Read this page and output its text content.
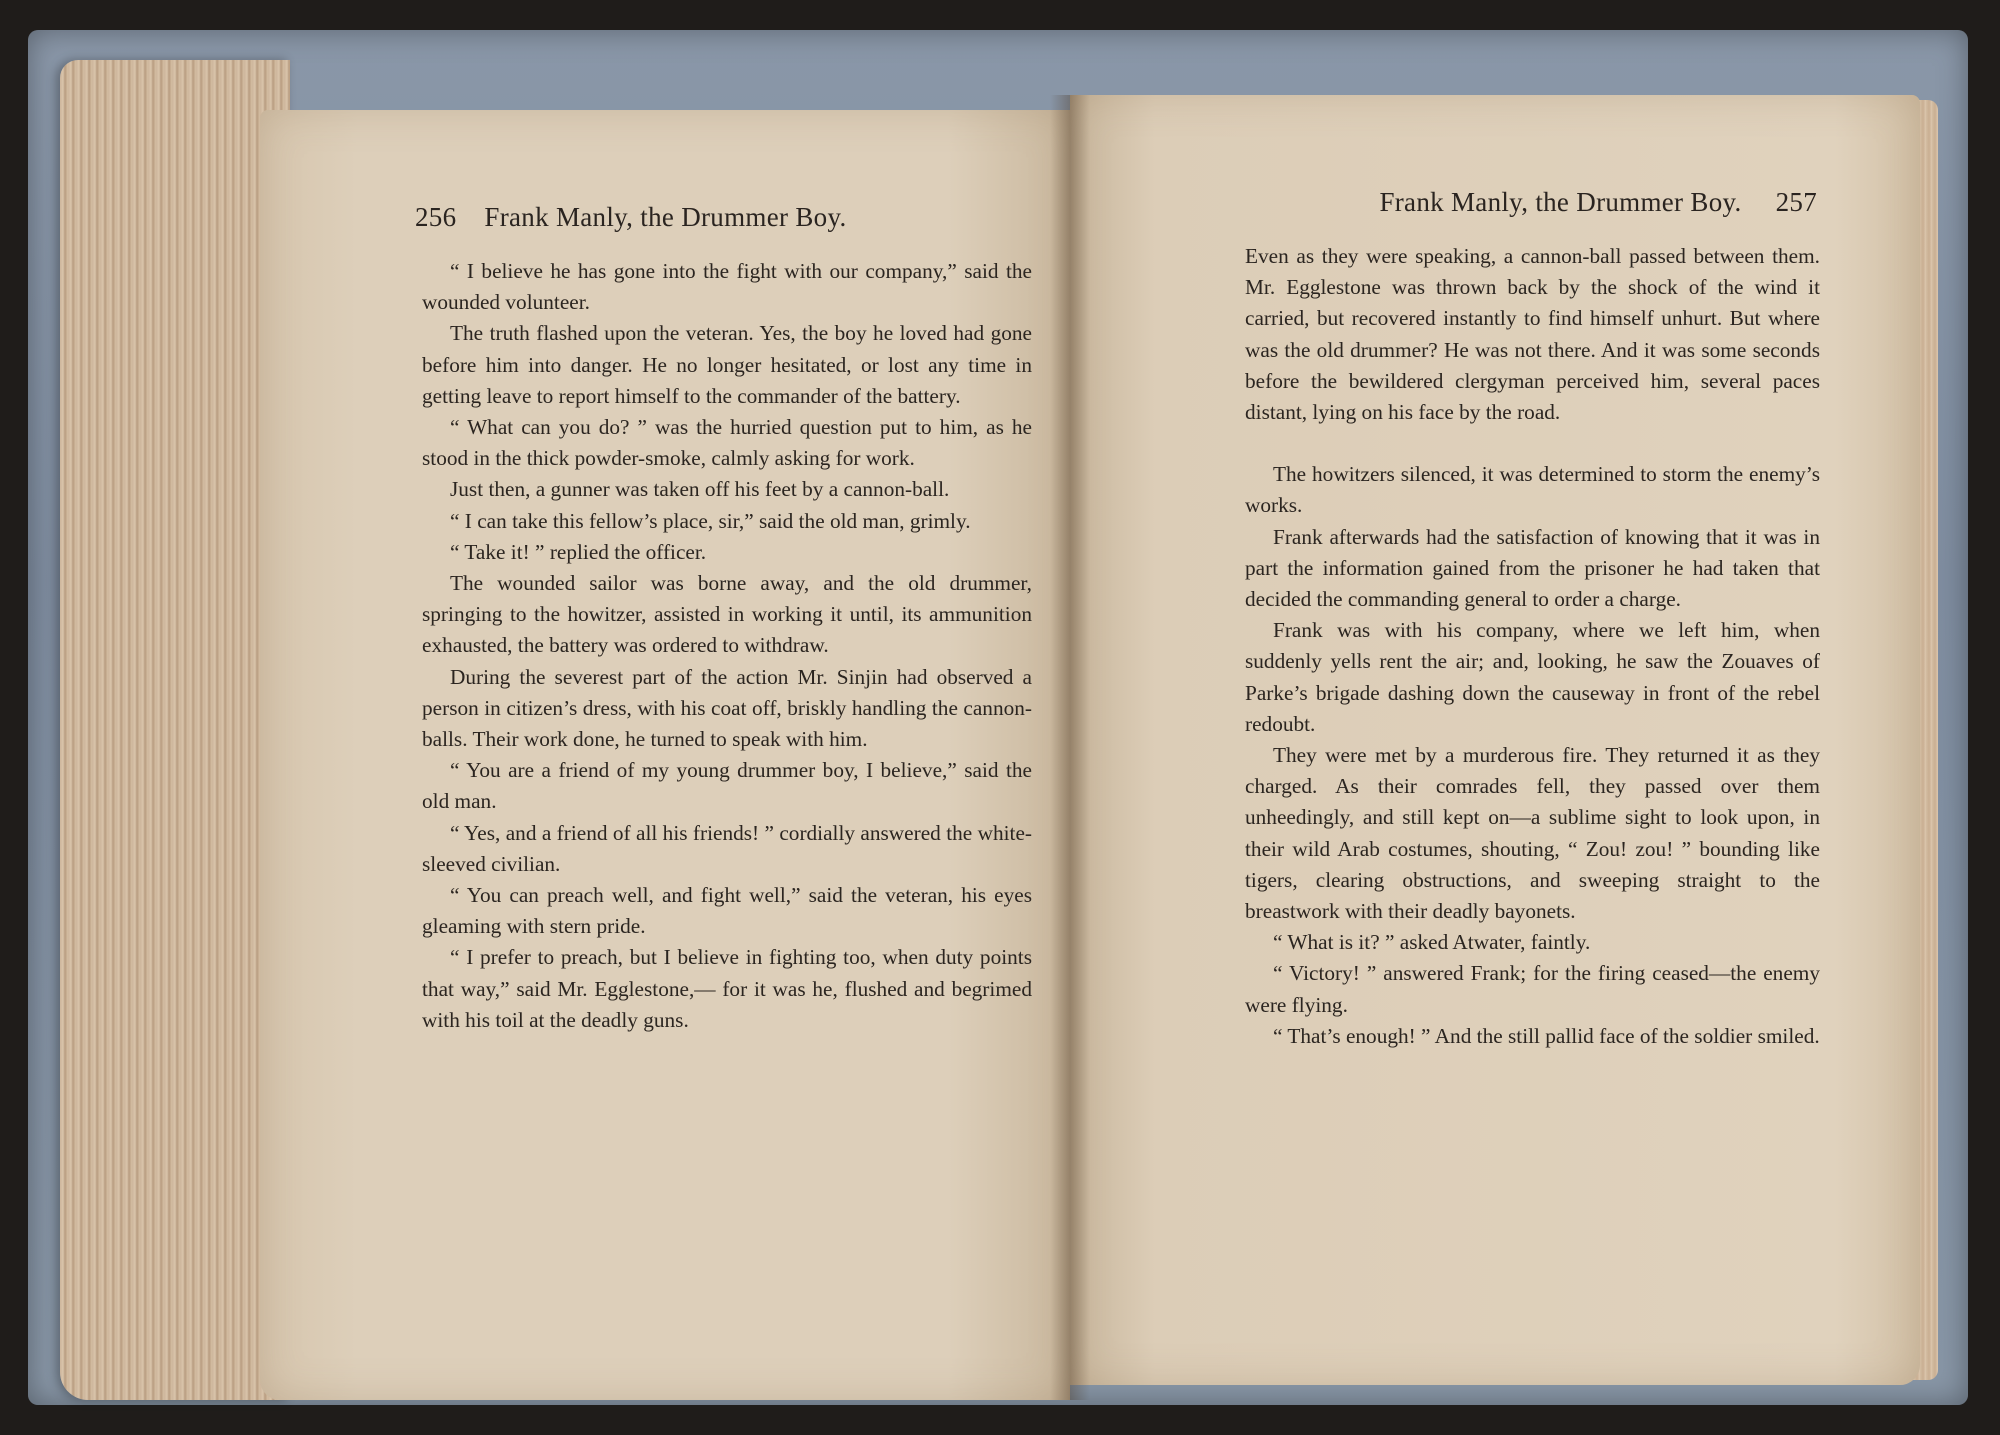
256 Frank Manly, the Drummer Boy.

“ I believe he has gone into the fight with our company,” said the wounded volunteer.

The truth flashed upon the veteran. Yes, the boy he loved had gone before him into danger. He no longer hesitated, or lost any time in getting leave to report himself to the commander of the battery.

“ What can you do? ” was the hurried question put to him, as he stood in the thick powder-smoke, calmly asking for work.

Just then, a gunner was taken off his feet by a cannon-ball.

“ I can take this fellow’s place, sir,” said the old man, grimly.

“ Take it! ” replied the officer.

The wounded sailor was borne away, and the old drummer, springing to the howitzer, assisted in working it until, its ammunition exhausted, the battery was ordered to withdraw.

During the severest part of the action Mr. Sinjin had observed a person in citizen’s dress, with his coat off, briskly handling the cannon-balls. Their work done, he turned to speak with him.

“ You are a friend of my young drummer boy, I believe,” said the old man.

“ Yes, and a friend of all his friends! ” cordially answered the white-sleeved civilian.

“ You can preach well, and fight well,” said the veteran, his eyes gleaming with stern pride.

“ I prefer to preach, but I believe in fighting too, when duty points that way,” said Mr. Egglestone,— for it was he, flushed and begrimed with his toil at the deadly guns.

Frank Manly, the Drummer Boy. 257

Even as they were speaking, a cannon-ball passed between them. Mr. Egglestone was thrown back by the shock of the wind it carried, but recovered instantly to find himself unhurt. But where was the old drummer? He was not there. And it was some seconds before the bewildered clergyman perceived him, several paces distant, lying on his face by the road.

The howitzers silenced, it was determined to storm the enemy’s works.

Frank afterwards had the satisfaction of knowing that it was in part the information gained from the prisoner he had taken that decided the commanding general to order a charge.

Frank was with his company, where we left him, when suddenly yells rent the air; and, looking, he saw the Zouaves of Parke’s brigade dashing down the causeway in front of the rebel redoubt.

They were met by a murderous fire. They returned it as they charged. As their comrades fell, they passed over them unheedingly, and still kept on—a sublime sight to look upon, in their wild Arab costumes, shouting, “ Zou! zou! ” bounding like tigers, clearing obstructions, and sweeping straight to the breastwork with their deadly bayonets.

“ What is it? ” asked Atwater, faintly.

“ Victory! ” answered Frank; for the firing ceased—the enemy were flying.

“ That’s enough! ” And the still pallid face of the soldier smiled.
